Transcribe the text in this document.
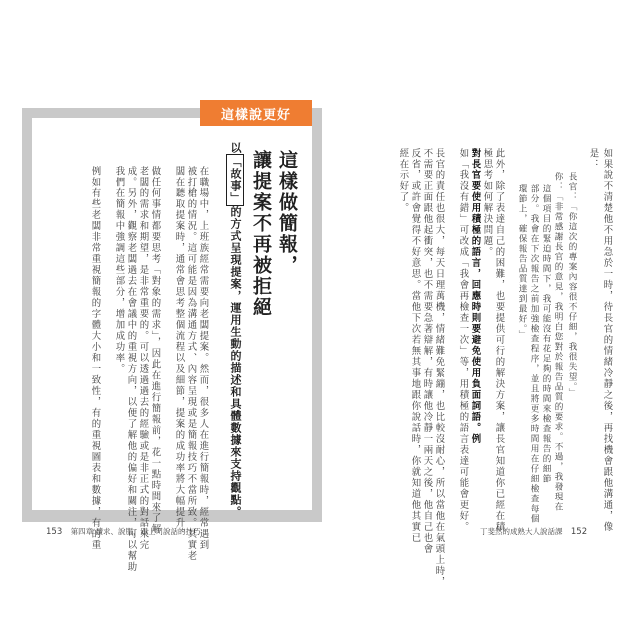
這樣說更好
這樣做簡報，
讓提案不再被拒絕
以「故事」的方式呈現提案，運用生動的描述和具體數據來支持觀點。
在職場中，上班族經常需要向老闆提案。然而，很多人在進行簡報時，經常遇到
被打槍的情況。這可能是因為溝通方式、內容呈現或是簡報技巧不當所致。其實老
闆在聽取提案時，通常會思考整個流程以及細節，提案的成功率將大幅提升。
做任何事情都要思考「對象的需求」，因此在進行簡報前，花一點時間來了解
老闆的需求和期望，是非常重要的。可以透過過去的經驗或是非正式的對話來完
成。另外，觀察老闆過去在會議中的重視方向，以便了解他的偏好和關注，可以幫助
我們在簡報中強調這些部分，增加成功率。
例如有些老闆非常重視簡報的字體大小和一致性，有的重視圖表和數據，有的重	如果說不清楚他不用急於一時，待長官的情緒冷靜之後，再找機會跟他溝通，像
是：
長官：「你這次的專案內容很不仔細，我很失望。」
你：「非常感謝長官的意見，我明白您對於報告品質的要求。不過，我發現在
這個項目的緊迫時間下，我可能沒有花足夠的時間來檢查報告的細節
部分。我會在下次報告之前加強檢查程序，並且將更多時間用在仔細檢查每個
環節上，確保報告品質達到最好。」
此外，除了表達自己的困難，也要提供可行的解決方案，讓長官知道你已經在積
極思考如何解決問題。
對長官要使用積極的語言，回應時則要避免使用負面詞語。例
如「我沒有錯」可改成「我會再檢查一次」等，用積極的語言表達可能會更好。
長官的責任也很大，每天日理萬機，情緒難免緊繃，也比較沒耐心，所以當他在氣頭上時，
不需要正面跟他起衝突，也不需要急著辯解，有時讓他冷靜一兩天之後，他自己也會
反省，或許會覺得不好意思。當他下次若無其事地跟你說話時，你就知道他其實已
經在示好了。
153 第四章 讀求、說服，跟上司說話的技巧	丁斐然的成熟大人說話課 152
